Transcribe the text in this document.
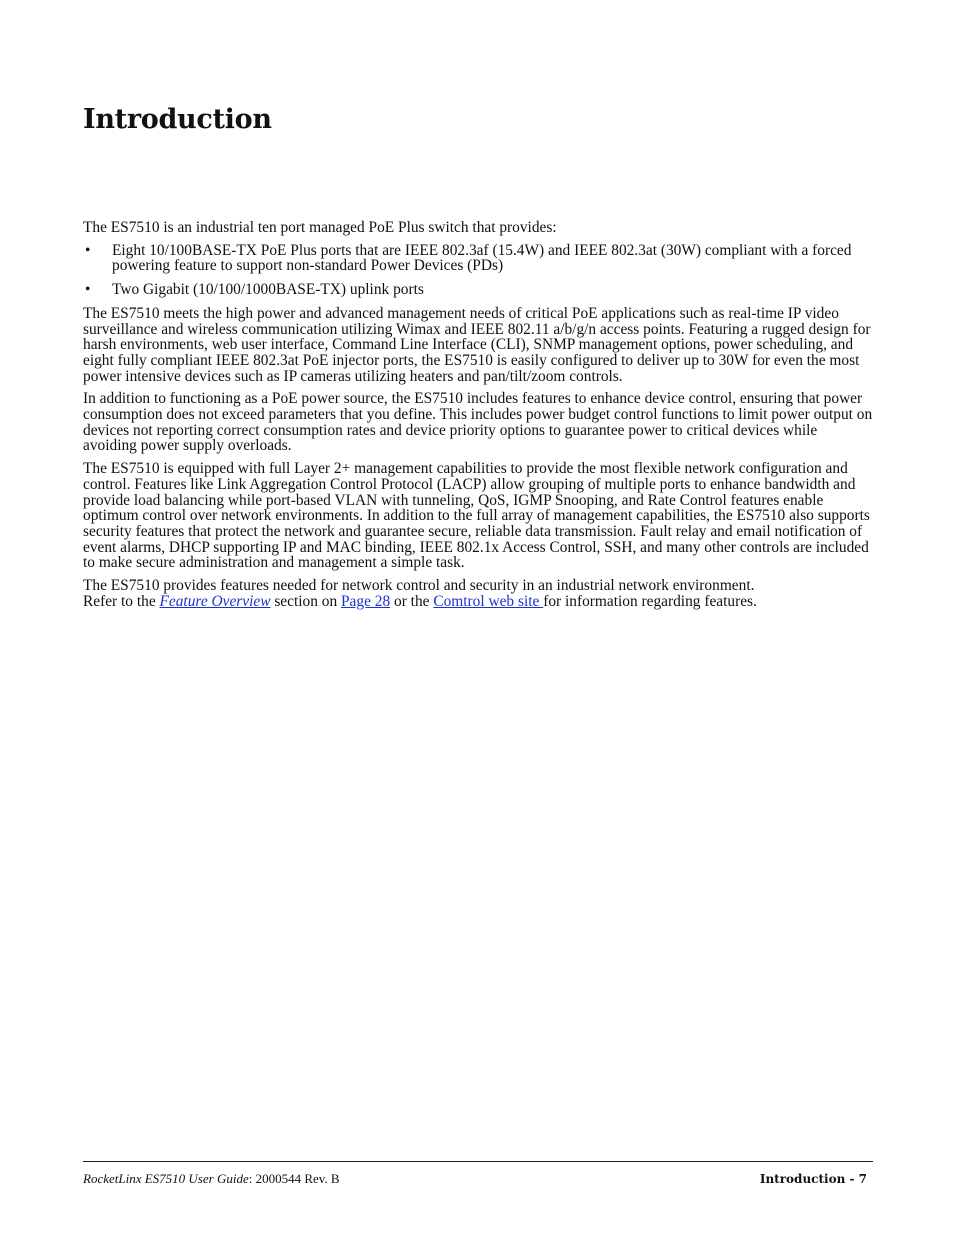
Introduction

The ES7510 is an industrial ten port managed PoE Plus switch that provides:

• Eight 10/100BASE-TX PoE Plus ports that are IEEE 802.3af (15.4W) and IEEE 802.3at (30W) compliant with a forced powering feature to support non-standard Power Devices (PDs)
• Two Gigabit (10/100/1000BASE-TX) uplink ports

The ES7510 meets the high power and advanced management needs of critical PoE applications such as real-time IP video surveillance and wireless communication utilizing Wimax and IEEE 802.11 a/b/g/n access points. Featuring a rugged design for harsh environments, web user interface, Command Line Interface (CLI), SNMP management options, power scheduling, and eight fully compliant IEEE 802.3at PoE injector ports, the ES7510 is easily configured to deliver up to 30W for even the most power intensive devices such as IP cameras utilizing heaters and pan/tilt/zoom controls.

In addition to functioning as a PoE power source, the ES7510 includes features to enhance device control, ensuring that power consumption does not exceed parameters that you define. This includes power budget control functions to limit power output on devices not reporting correct consumption rates and device priority options to guarantee power to critical devices while avoiding power supply overloads.

The ES7510 is equipped with full Layer 2+ management capabilities to provide the most flexible network configuration and control. Features like Link Aggregation Control Protocol (LACP) allow grouping of multiple ports to enhance bandwidth and provide load balancing while port-based VLAN with tunneling, QoS, IGMP Snooping, and Rate Control features enable optimum control over network environments. In addition to the full array of management capabilities, the ES7510 also supports security features that protect the network and guarantee secure, reliable data transmission. Fault relay and email notification of event alarms, DHCP supporting IP and MAC binding, IEEE 802.1x Access Control, SSH, and many other controls are included to make secure administration and management a simple task.

The ES7510 provides features needed for network control and security in an industrial network environment.
Refer to the Feature Overview section on Page 28 or the Comtrol web site for information regarding features.

RocketLinx ES7510 User Guide: 2000544 Rev. B	Introduction - 7
